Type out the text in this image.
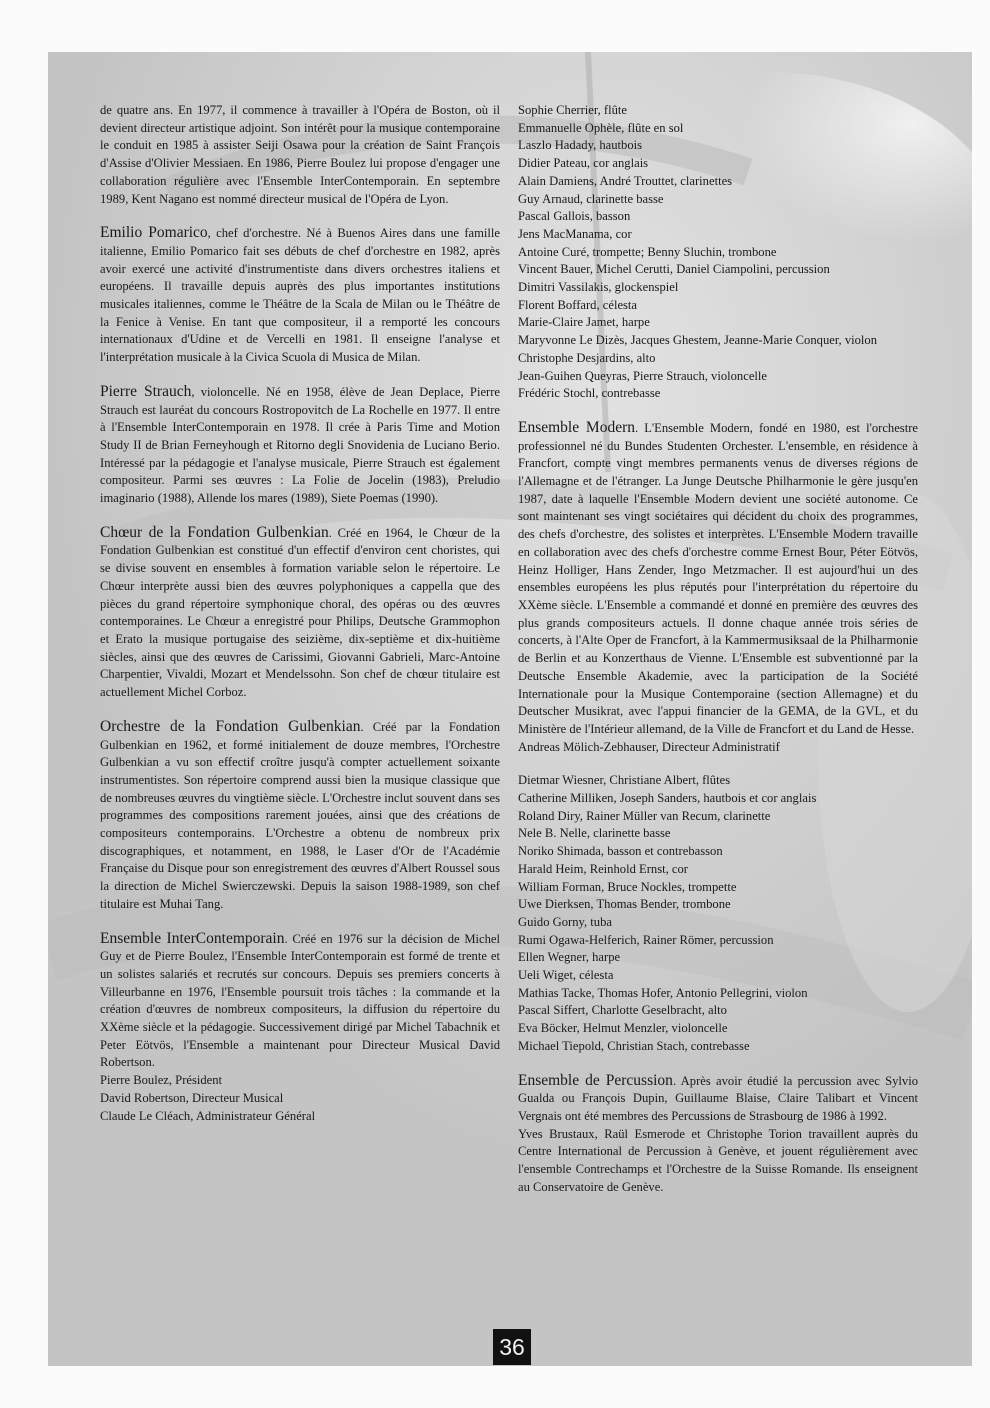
de quatre ans. En 1977, il commence à travailler à l'Opéra de Boston, où il devient directeur artistique adjoint. Son intérêt pour la musique contemporaine le conduit en 1985 à assister Seiji Osawa pour la création de Saint François d'Assise d'Olivier Messiaen. En 1986, Pierre Boulez lui propose d'engager une collaboration régulière avec l'Ensemble InterContemporain. En septembre 1989, Kent Nagano est nommé directeur musical de l'Opéra de Lyon.

Emilio Pomarico, chef d'orchestre. Né à Buenos Aires dans une famille italienne, Emilio Pomarico fait ses débuts de chef d'orchestre en 1982, après avoir exercé une activité d'instrumentiste dans divers orchestres italiens et européens. Il travaille depuis auprès des plus importantes institutions musicales italiennes, comme le Théâtre de la Scala de Milan ou le Théâtre de la Fenice à Venise. En tant que compositeur, il a remporté les concours internationaux d'Udine et de Vercelli en 1981. Il enseigne l'analyse et l'interprétation musicale à la Civica Scuola di Musica de Milan.

Pierre Strauch, violoncelle. Né en 1958, élève de Jean Deplace, Pierre Strauch est lauréat du concours Rostropovitch de La Rochelle en 1977. Il entre à l'Ensemble InterContemporain en 1978. Il crée à Paris Time and Motion Study II de Brian Ferneyhough et Ritorno degli Snovidenia de Luciano Berio. Intéressé par la pédagogie et l'analyse musicale, Pierre Strauch est également compositeur. Parmi ses œuvres : La Folie de Jocelin (1983), Preludio imaginario (1988), Allende los mares (1989), Siete Poemas (1990).

Chœur de la Fondation Gulbenkian. Créé en 1964, le Chœur de la Fondation Gulbenkian est constitué d'un effectif d'environ cent choristes, qui se divise souvent en ensembles à formation variable selon le répertoire. Le Chœur interprète aussi bien des œuvres polyphoniques a cappella que des pièces du grand répertoire symphonique choral, des opéras ou des œuvres contemporaines. Le Chœur a enregistré pour Philips, Deutsche Grammophon et Erato la musique portugaise des seizième, dix-septième et dix-huitième siècles, ainsi que des œuvres de Carissimi, Giovanni Gabrieli, Marc-Antoine Charpentier, Vivaldi, Mozart et Mendelssohn. Son chef de chœur titulaire est actuellement Michel Corboz.

Orchestre de la Fondation Gulbenkian. Créé par la Fondation Gulbenkian en 1962, et formé initialement de douze membres, l'Orchestre Gulbenkian a vu son effectif croître jusqu'à compter actuellement soixante instrumentistes. Son répertoire comprend aussi bien la musique classique que de nombreuses œuvres du vingtième siècle. L'Orchestre inclut souvent dans ses programmes des compositions rarement jouées, ainsi que des créations de compositeurs contemporains. L'Orchestre a obtenu de nombreux prix discographiques, et notamment, en 1988, le Laser d'Or de l'Académie Française du Disque pour son enregistrement des œuvres d'Albert Roussel sous la direction de Michel Swierczewski. Depuis la saison 1988-1989, son chef titulaire est Muhai Tang.

Ensemble InterContemporain. Créé en 1976 sur la décision de Michel Guy et de Pierre Boulez, l'Ensemble InterContemporain est formé de trente et un solistes salariés et recrutés sur concours. Depuis ses premiers concerts à Villeurbanne en 1976, l'Ensemble poursuit trois tâches : la commande et la création d'œuvres de nombreux compositeurs, la diffusion du répertoire du XXème siècle et la pédagogie. Successivement dirigé par Michel Tabachnik et Peter Eötvös, l'Ensemble a maintenant pour Directeur Musical David Robertson.

Pierre Boulez, Président
David Robertson, Directeur Musical
Claude Le Cléach, Administrateur Général
Sophie Cherrier, flûte
Emmanuelle Ophèle, flûte en sol
Laszlo Hadady, hautbois
Didier Pateau, cor anglais
Alain Damiens, André Trouttet, clarinettes
Guy Arnaud, clarinette basse
Pascal Gallois, basson
Jens MacManama, cor
Antoine Curé, trompette; Benny Sluchin, trombone
Vincent Bauer, Michel Cerutti, Daniel Ciampolini, percussion
Dimitri Vassilakis, glockenspiel
Florent Boffard, célesta
Marie-Claire Jamet, harpe
Maryvonne Le Dizès, Jacques Ghestem, Jeanne-Marie Conquer, violon
Christophe Desjardins, alto
Jean-Guihen Queyras, Pierre Strauch, violoncelle
Frédéric Stochl, contrebasse

Ensemble Modern. L'Ensemble Modern, fondé en 1980, est l'orchestre professionnel né du Bundes Studenten Orchester. L'ensemble, en résidence à Francfort, compte vingt membres permanents venus de diverses régions de l'Allemagne et de l'étranger. La Junge Deutsche Philharmonie le gère jusqu'en 1987, date à laquelle l'Ensemble Modern devient une société autonome. Ce sont maintenant ses vingt sociétaires qui décident du choix des programmes, des chefs d'orchestre, des solistes et interprètes. L'Ensemble Modern travaille en collaboration avec des chefs d'orchestre comme Ernest Bour, Péter Eötvös, Heinz Holliger, Hans Zender, Ingo Metzmacher. Il est aujourd'hui un des ensembles européens les plus réputés pour l'interprétation du répertoire du XXème siècle. L'Ensemble a commandé et donné en première des œuvres des plus grands compositeurs actuels. Il donne chaque année trois séries de concerts, à l'Alte Oper de Francfort, à la Kammermusiksaal de la Philharmonie de Berlin et au Konzerthaus de Vienne. L'Ensemble est subventionné par la Deutsche Ensemble Akademie, avec la participation de la Société Internationale pour la Musique Contemporaine (section Allemagne) et du Deutscher Musikrat, avec l'appui financier de la GEMA, de la GVL, et du Ministère de l'Intérieur allemand, de la Ville de Francfort et du Land de Hesse.

Andreas Mölich-Zebhauser, Directeur Administratif
Dietmar Wiesner, Christiane Albert, flûtes
Catherine Milliken, Joseph Sanders, hautbois et cor anglais
Roland Diry, Rainer Müller van Recum, clarinette
Nele B. Nelle, clarinette basse
Noriko Shimada, basson et contrebasson
Harald Heim, Reinhold Ernst, cor
William Forman, Bruce Nockles, trompette
Uwe Dierksen, Thomas Bender, trombone
Guido Gorny, tuba
Rumi Ogawa-Helferich, Rainer Römer, percussion
Ellen Wegner, harpe
Ueli Wiget, célesta
Mathias Tacke, Thomas Hofer, Antonio Pellegrini, violon
Pascal Siffert, Charlotte Geselbracht, alto
Eva Böcker, Helmut Menzler, violoncelle
Michael Tiepold, Christian Stach, contrebasse

Ensemble de Percussion. Après avoir étudié la percussion avec Sylvio Gualda ou François Dupin, Guillaume Blaise, Claire Talibart et Vincent Vergnais ont été membres des Percussions de Strasbourg de 1986 à 1992.

Yves Brustaux, Raül Esmerode et Christophe Torion travaillent auprès du Centre International de Percussion à Genève, et jouent régulièrement avec l'ensemble Contrechamps et l'Orchestre de la Suisse Romande. Ils enseignent au Conservatoire de Genève.

36
